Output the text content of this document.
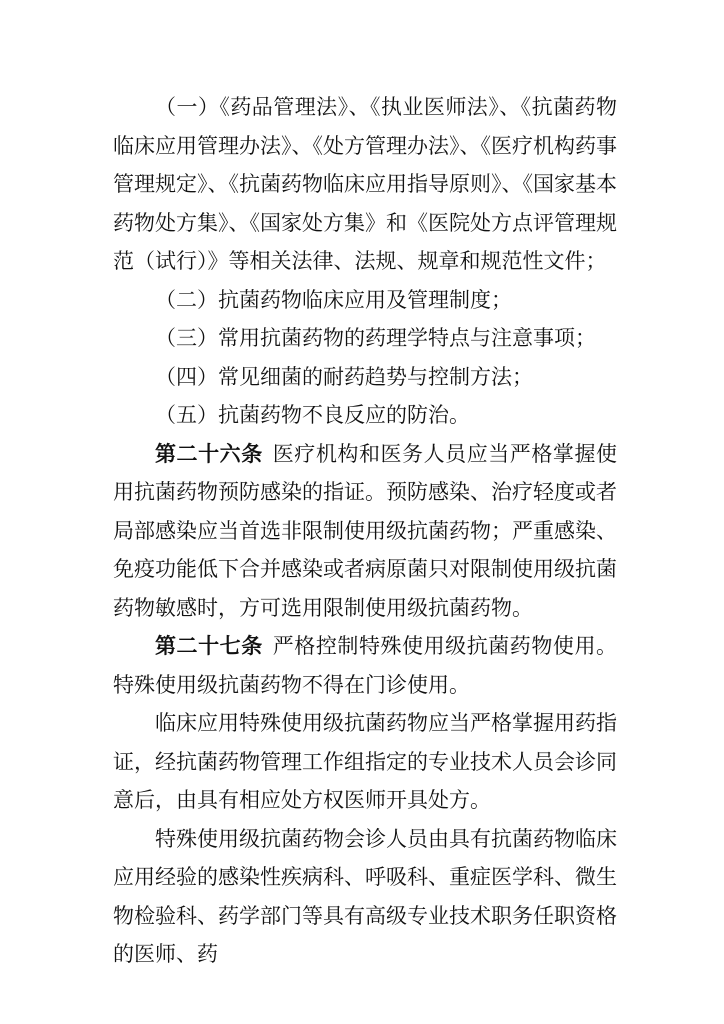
（一）《药品管理法》、《执业医师法》、《抗菌药物临床应用管理办法》、《处方管理办法》、《医疗机构药事管理规定》、《抗菌药物临床应用指导原则》、《国家基本药物处方集》、《国家处方集》和《医院处方点评管理规范（试行）》等相关法律、法规、规章和规范性文件；

（二）抗菌药物临床应用及管理制度；

（三）常用抗菌药物的药理学特点与注意事项；

（四）常见细菌的耐药趋势与控制方法；

（五）抗菌药物不良反应的防治。

第二十六条 医疗机构和医务人员应当严格掌握使用抗菌药物预防感染的指证。预防感染、治疗轻度或者局部感染应当首选非限制使用级抗菌药物；严重感染、免疫功能低下合并感染或者病原菌只对限制使用级抗菌药物敏感时，方可选用限制使用级抗菌药物。

第二十七条 严格控制特殊使用级抗菌药物使用。特殊使用级抗菌药物不得在门诊使用。

临床应用特殊使用级抗菌药物应当严格掌握用药指证，经抗菌药物管理工作组指定的专业技术人员会诊同意后，由具有相应处方权医师开具处方。

特殊使用级抗菌药物会诊人员由具有抗菌药物临床应用经验的感染性疾病科、呼吸科、重症医学科、微生物检验科、药学部门等具有高级专业技术职务任职资格的医师、药
